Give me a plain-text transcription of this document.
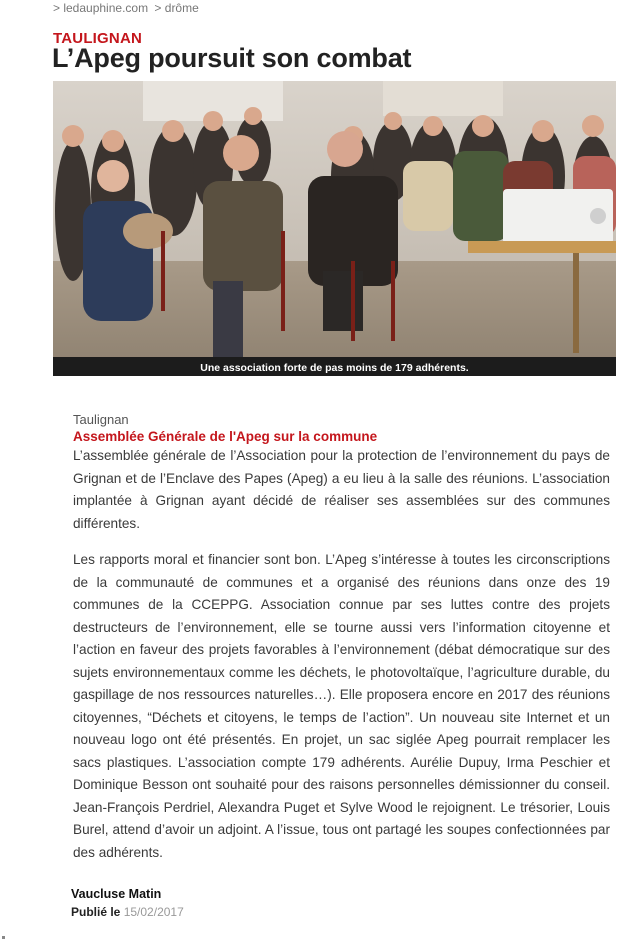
> ledauphine.com > drôme
TAULIGNAN
L’Apeg poursuit son combat
Une association forte de pas moins de 179 adhérents.
Taulignan
Assemblée Générale de l'Apeg sur la commune

L’assemblée générale de l’Association pour la protection de l’environnement du pays de Grignan et de l’Enclave des Papes (Apeg) a eu lieu à la salle des réunions. L’association implantée à Grignan ayant décidé de réaliser ses assemblées sur des communes différentes.

Les rapports moral et financier sont bon. L’Apeg s’intéresse à toutes les circonscriptions de la communauté de communes et a organisé des réunions dans onze des 19 communes de la CCEPPG. Association connue par ses luttes contre des projets destructeurs de l’environnement, elle se tourne aussi vers l’information citoyenne et l’action en faveur des projets favorables à l’environnement (débat démocratique sur des sujets environnementaux comme les déchets, le photovoltaïque, l’agriculture durable, du gaspillage de nos ressources naturelles…). Elle proposera encore en 2017 des réunions citoyennes, “Déchets et citoyens, le temps de l’action”. Un nouveau site Internet et un nouveau logo ont été présentés. En projet, un sac siglée Apeg pourrait remplacer les sacs plastiques. L’association compte 179 adhérents. Aurélie Dupuy, Irma Peschier et Dominique Besson ont souhaité pour des raisons personnelles démissionner du conseil. Jean-François Perdriel, Alexandra Puget et Sylve Wood le rejoignent. Le trésorier, Louis Burel, attend d’avoir un adjoint. A l’issue, tous ont partagé les soupes confectionnées par des adhérents.

Vaucluse Matin
Publié le 15/02/2017
